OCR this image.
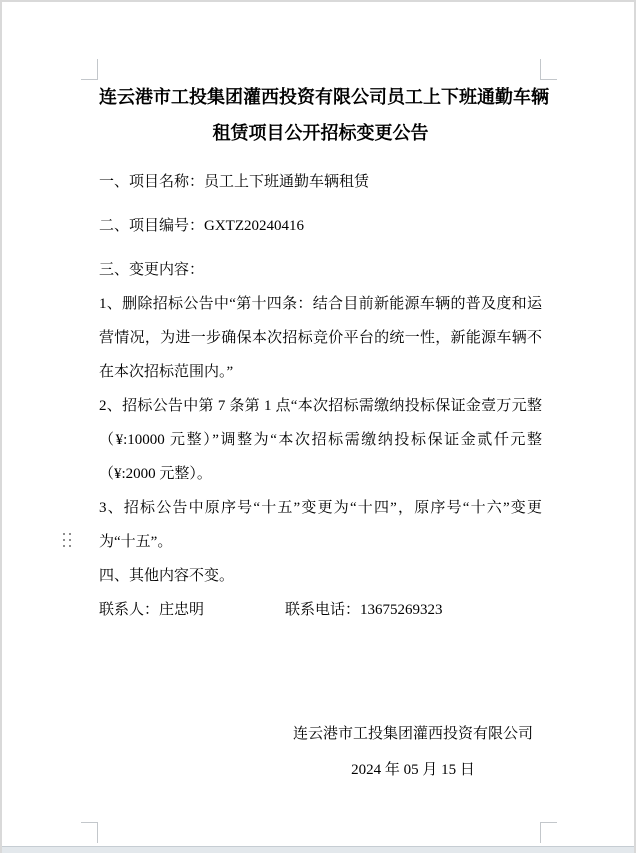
连云港市工投集团灌西投资有限公司员工上下班通勤车辆
租赁项目公开招标变更公告

一、项目名称：员工上下班通勤车辆租赁

二、项目编号：GXTZ20240416

三、变更内容：

1、删除招标公告中“第十四条：结合目前新能源车辆的普及度和运营情况，为进一步确保本次招标竞价平台的统一性，新能源车辆不在本次招标范围内。”

2、招标公告中第 7 条第 1 点“本次招标需缴纳投标保证金壹万元整（¥:10000 元整）”调整为“本次招标需缴纳投标保证金贰仟元整（¥:2000 元整）。

3、招标公告中原序号“十五”变更为“十四”，原序号“十六”变更为“十五”。

四、其他内容不变。

联系人：庄忠明	联系电话：13675269323

连云港市工投集团灌西投资有限公司
2024 年 05 月 15 日
